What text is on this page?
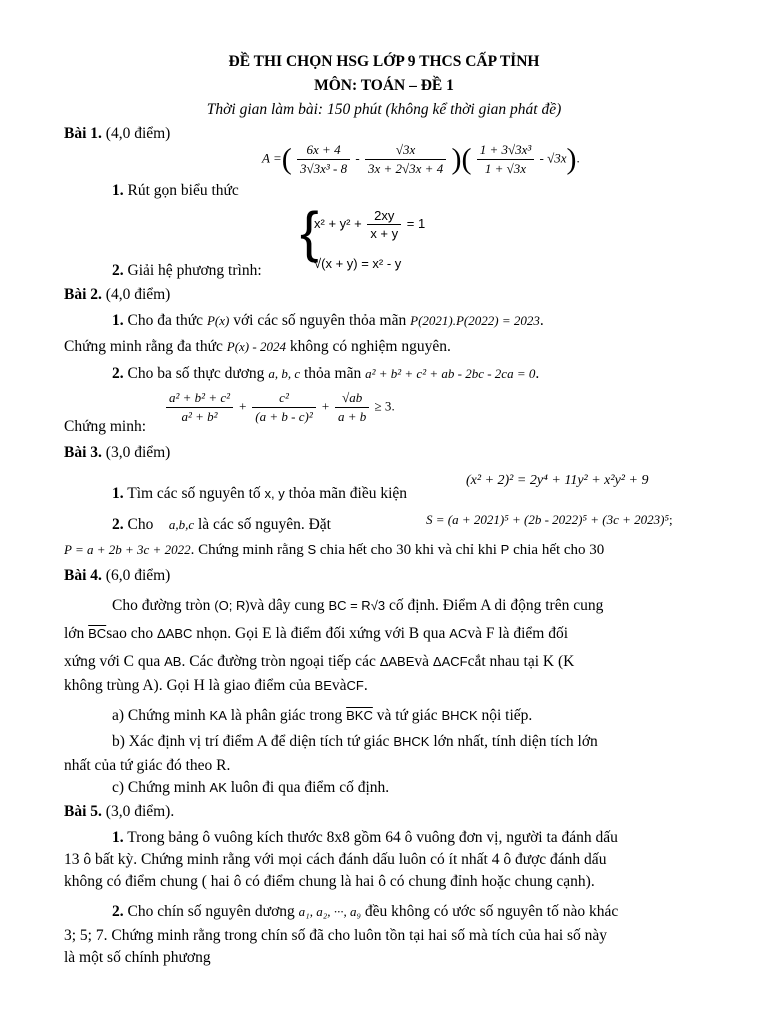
ĐỀ THI CHỌN HSG LỚP 9 THCS CẤP TỈNH
MÔN: TOÁN – ĐỀ 1
Thời gian làm bài: 150 phút (không kể thời gian phát đề)
Bài 1. (4,0 điểm)
A =( $\frac{6x + 4}{\text{3√3x³ - 8}} - \frac{√3x}{3x + 2√3x + 4}$ )( $\frac{\text{1 + 3√3x³}}{1 + √3x} - √3x$).
1. Rút gọn biểu thức
{
$x^2 + y^2 + \frac{2xy}{x + y} = 1$
√(x + y) = x² - y
2. Giải hệ phương trình:
Bài 2. (4,0 điểm)
1. Cho đa thức P(x) với các số nguyên thỏa mãn P(2021).P(2022) = 2023.
Chứng minh rằng đa thức P(x) - 2024 không có nghiệm nguyên.
2. Cho ba số thực dương a, b, c thỏa mãn a² + b² + c² + ab - 2bc - 2ca = 0.
$\frac{\text{a² + b² + c²}}{\text{a² + b²}} + \frac{\text{c²}}{\text{(a + b - c)²}} + \frac{√ab}{a + b} \ge 3$.
Chứng minh:
Bài 3. (3,0 điểm)
1. Tìm các số nguyên tố x, y thỏa mãn điều kiện
(x² + 2)² = 2y⁴ + 11y² + x²y² + 9
2. Cho    a,b,c là các số nguyên. Đặt	S = (a + 2021)⁵ + (2b - 2022)⁵ + (3c + 2023)⁵;
P = a + 2b + 3c + 2022. Chứng minh rằng S chia hết cho 30 khi và chỉ khi P chia hết cho 30
Bài 4. (6,0 điểm)
Cho đường tròn (O; R)và dây cung BC = R√3 cố định. Điểm A di động trên cung
lớn $\overline{BC}sao$ cho ΔABC nhọn. Gọi E là điểm đối xứng với B qua ACvà F là điểm đối
xứng với C qua AB. Các đường tròn ngoại tiếp các ΔABEvà ΔACFcắt nhau tại K (K
không trùng A). Gọi H là giao điểm của BEvàCF.
a) Chứng minh KA là phân giác trong $\overline{BKC}$ và tứ giác BHCK nội tiếp.
b) Xác định vị trí điểm A để diện tích tứ giác BHCK lớn nhất, tính diện tích lớn
nhất của tứ giác đó theo R.
c) Chứng minh AK luôn đi qua điểm cố định.
Bài 5. (3,0 điểm).
1. Trong bảng ô vuông kích thước 8x8 gồm 64 ô vuông đơn vị, người ta đánh dấu
13 ô bất kỳ. Chứng minh rằng với mọi cách đánh dấu luôn có ít nhất 4 ô được đánh dấu
không có điểm chung ( hai ô có điểm chung là hai ô có chung đỉnh hoặc chung cạnh).
2. Cho chín số nguyên dương a₁, a₂, ···, a₉ đều không có ước số nguyên tố nào khác
3; 5; 7. Chứng minh rằng trong chín số đã cho luôn tồn tại hai số mà tích của hai số này
là một số chính phương
